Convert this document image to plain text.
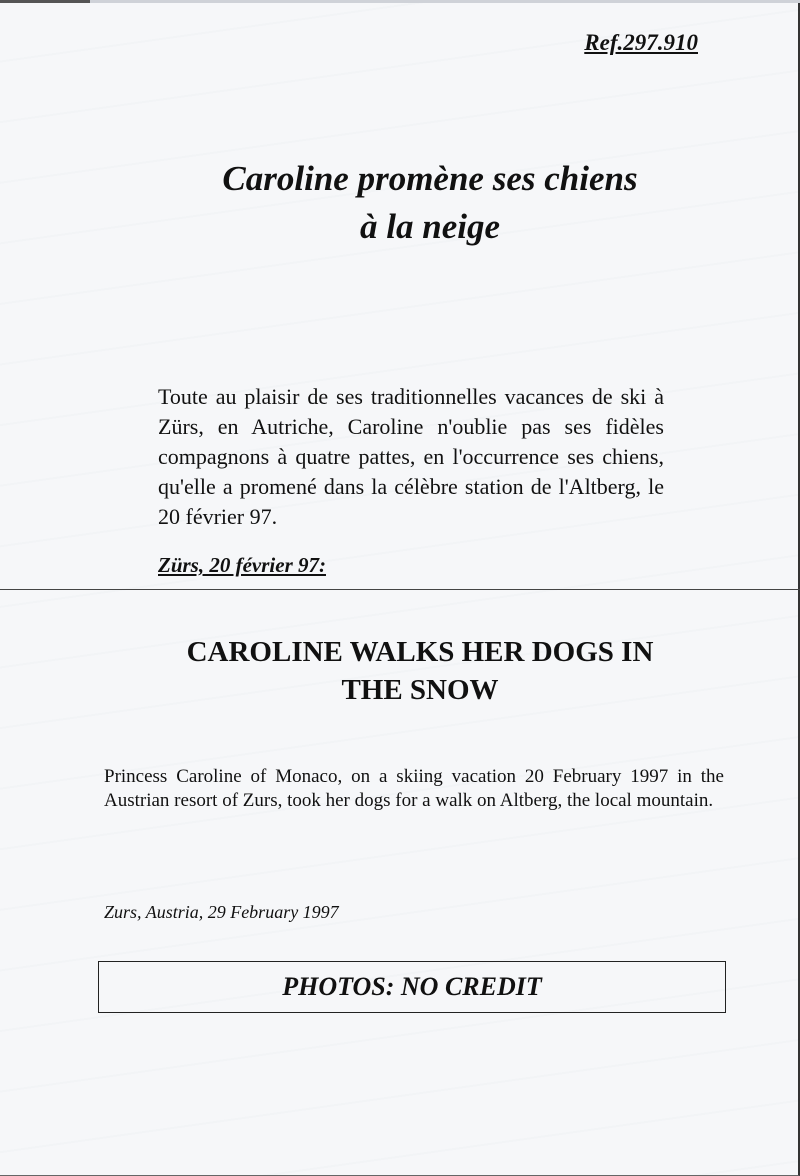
Ref.297.910
Caroline promène ses chiens
à la neige

Toute au plaisir de ses traditionnelles vacances de ski à Zürs, en Autriche, Caroline n'oublie pas ses fidèles compagnons à quatre pattes, en l'occurrence ses chiens, qu'elle a promené dans la célèbre station de l'Altberg, le 20 février 97.

Zürs, 20 février 97:
CAROLINE WALKS HER DOGS IN
THE SNOW

Princess Caroline of Monaco, on a skiing vacation 20 February 1997 in the Austrian resort of Zurs, took her dogs for a walk on Altberg, the local mountain.

Zurs, Austria, 29 February 1997
PHOTOS: NO CREDIT
